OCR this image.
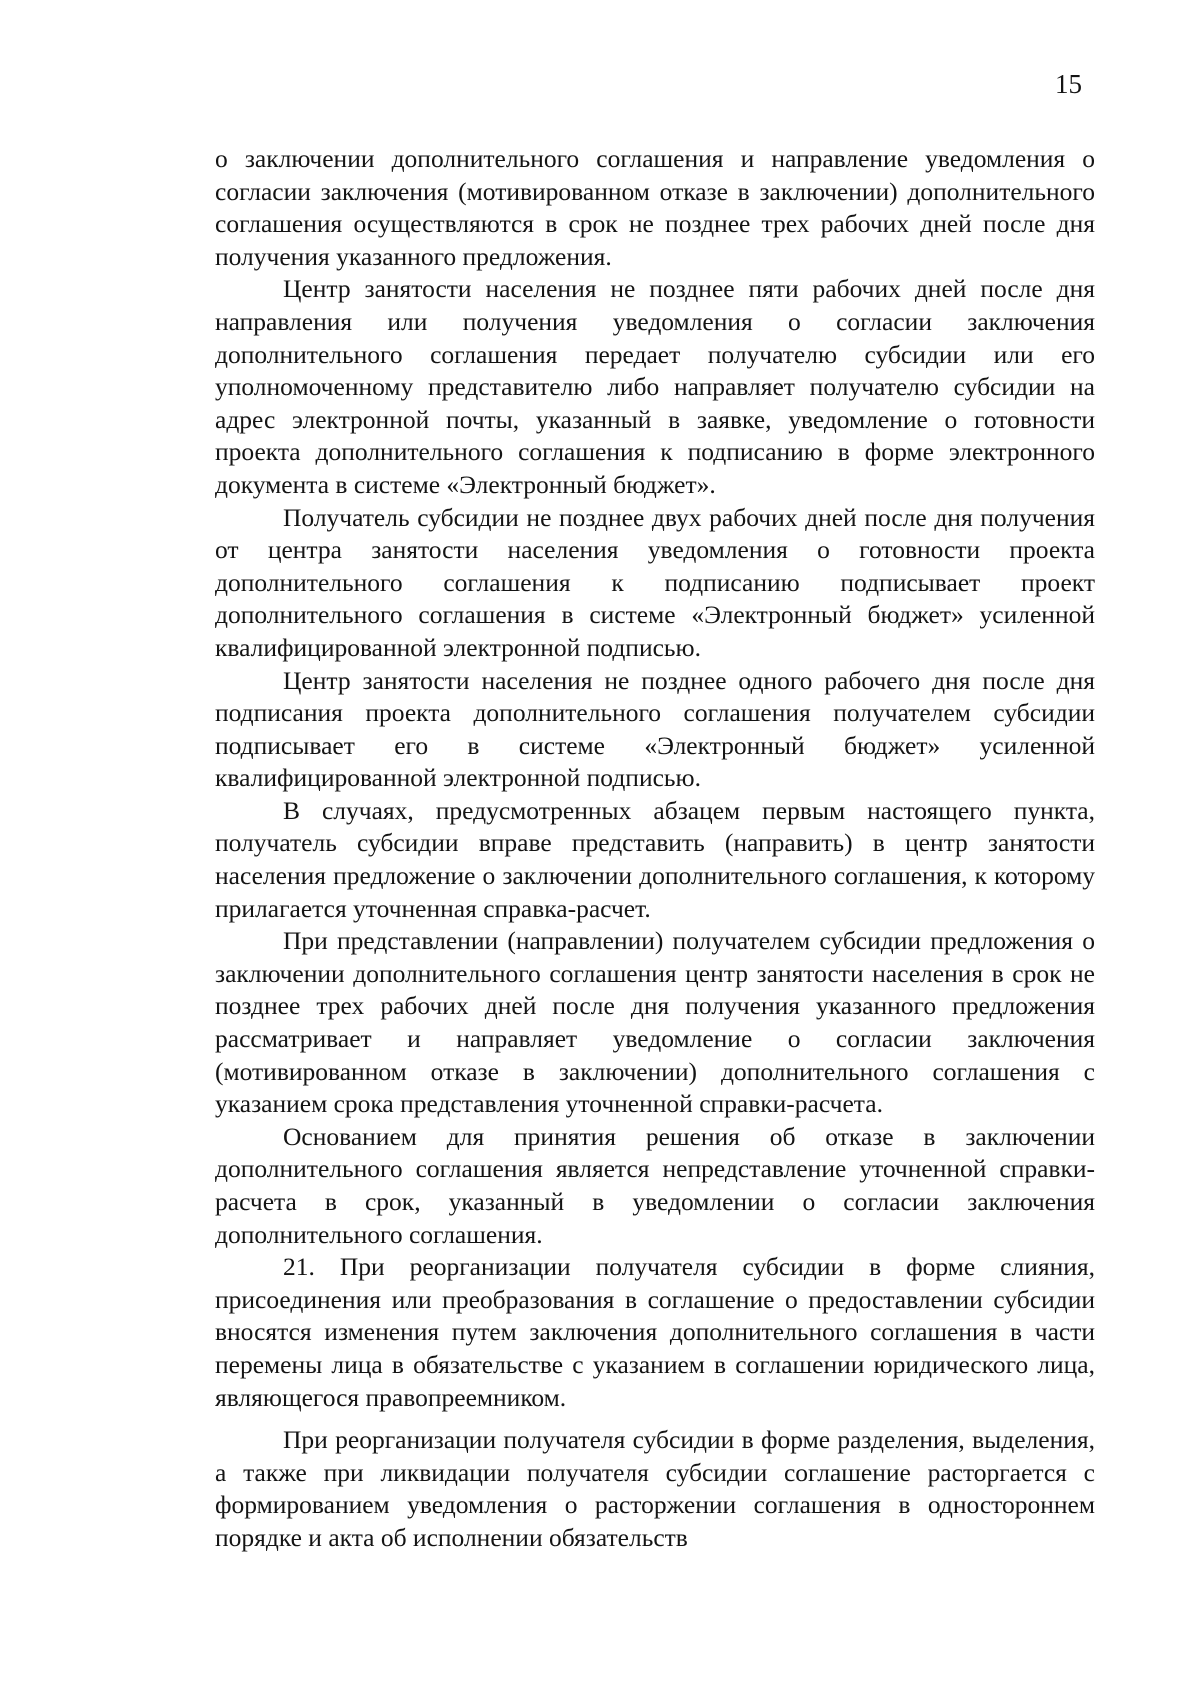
15

о заключении дополнительного соглашения и направление уведомления о согласии заключения (мотивированном отказе в заключении) дополнительного соглашения осуществляются в срок не позднее трех рабочих дней после дня получения указанного предложения.

Центр занятости населения не позднее пяти рабочих дней после дня направления или получения уведомления о согласии заключения дополнительного соглашения передает получателю субсидии или его уполномоченному представителю либо направляет получателю субсидии на адрес электронной почты, указанный в заявке, уведомление о готовности проекта дополнительного соглашения к подписанию в форме электронного документа в системе «Электронный бюджет».

Получатель субсидии не позднее двух рабочих дней после дня получения от центра занятости населения уведомления о готовности проекта дополнительного соглашения к подписанию подписывает проект дополнительного соглашения в системе «Электронный бюджет» усиленной квалифицированной электронной подписью.

Центр занятости населения не позднее одного рабочего дня после дня подписания проекта дополнительного соглашения получателем субсидии подписывает его в системе «Электронный бюджет» усиленной квалифицированной электронной подписью.

В случаях, предусмотренных абзацем первым настоящего пункта, получатель субсидии вправе представить (направить) в центр занятости населения предложение о заключении дополнительного соглашения, к которому прилагается уточненная справка-расчет.

При представлении (направлении) получателем субсидии предложения о заключении дополнительного соглашения центр занятости населения в срок не позднее трех рабочих дней после дня получения указанного предложения рассматривает и направляет уведомление о согласии заключения (мотивированном отказе в заключении) дополнительного соглашения с указанием срока представления уточненной справки-расчета.

Основанием для принятия решения об отказе в заключении дополнительного соглашения является непредставление уточненной справки-расчета в срок, указанный в уведомлении о согласии заключения дополнительного соглашения.

21. При реорганизации получателя субсидии в форме слияния, присоединения или преобразования в соглашение о предоставлении субсидии вносятся изменения путем заключения дополнительного соглашения в части перемены лица в обязательстве с указанием в соглашении юридического лица, являющегося правопреемником.

При реорганизации получателя субсидии в форме разделения, выделения, а также при ликвидации получателя субсидии соглашение расторгается с формированием уведомления о расторжении соглашения в одностороннем порядке и акта об исполнении обязательств
